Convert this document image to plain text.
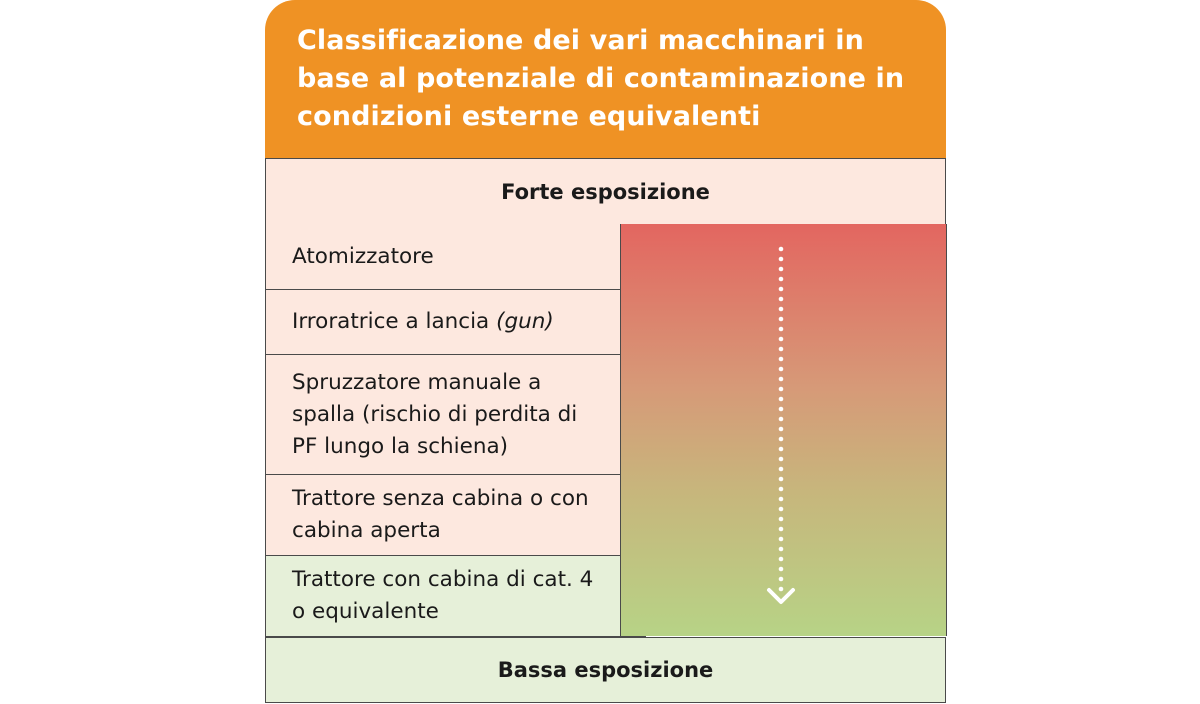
Classificazione dei vari macchinari in base al potenziale di contaminazione in condizioni esterne equivalenti
Forte esposizione
Atomizzatore
Irroratrice a lancia (gun)
Spruzzatore manuale a spalla (rischio di perdita di PF lungo la schiena)
Trattore senza cabina o con cabina aperta
Trattore con cabina di cat. 4 o equivalente
Bassa esposizione
